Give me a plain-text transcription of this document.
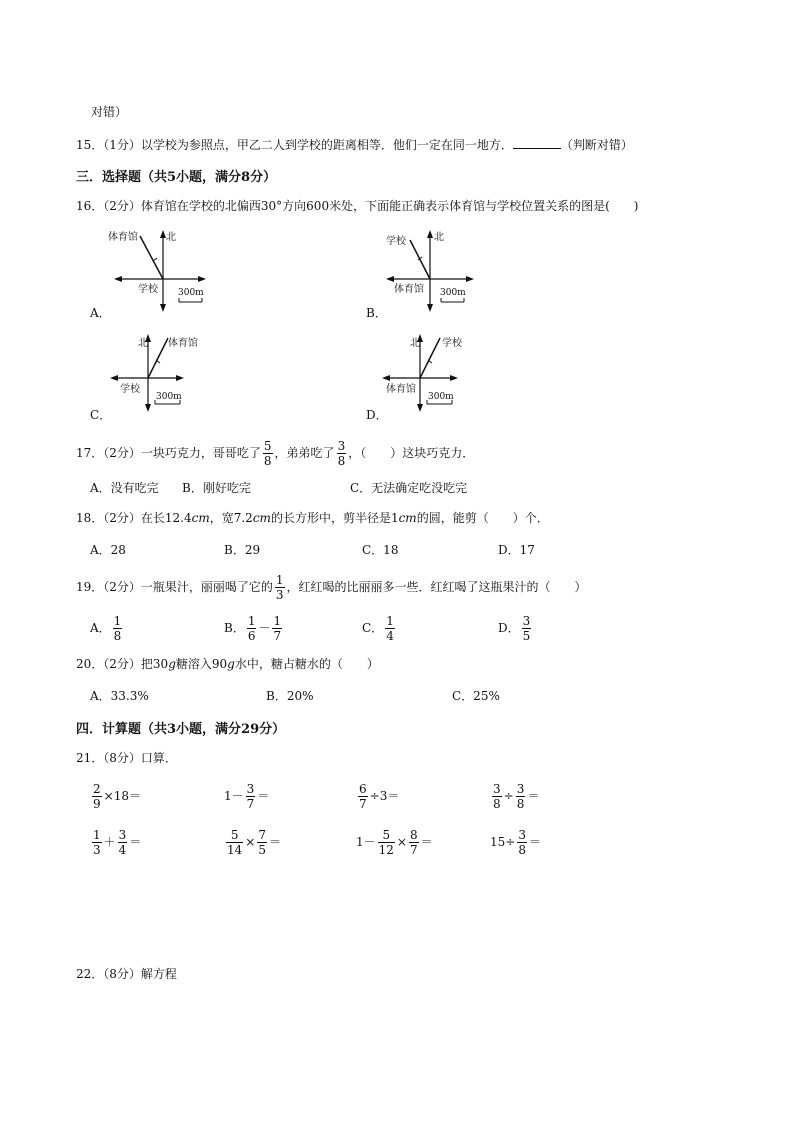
对错）
15．（1分）以学校为参照点，甲乙二人到学校的距离相等．他们一定在同一地方．	（判断对错）
三．选择题（共5小题，满分8分）
16．（2分）体育馆在学校的北偏西30°方向600米处，下面能正确表示体育馆与学校位置关系的图是(　　)
北
体育馆
学校 300m
A．
北
学校
体育馆 300m
B．
北 体育馆
学校
300m
C．
北 学校
体育馆
300m
D．
17．（2分）一块巧克力，哥哥吃了 $\frac{5}{8}$ ，弟弟吃了 $\frac{3}{8}$ ，（　　）这块巧克力．
A．没有吃完 B．刚好吃完	C．无法确定吃没吃完
18．（2分）在长12.4cm，宽7.2cm的长方形中，剪半径是1cm的圆，能剪（　　）个．
A．28	B．29	C．18	D．17
19．（2分）一瓶果汁，丽丽喝了它的 $\frac{1}{3}$ ，红红喝的比丽丽多一些．红红喝了这瓶果汁的（　　）
A． $\frac{1}{8}$	B． $\frac{1}{6} - \frac{1}{7}$	C． $\frac{1}{4}$	D． $\frac{3}{5}$
20．（2分）把30g糖溶入90g水中，糖占糖水的（　　）
A．33.3%	B．20%	C．25%
四．计算题（共3小题，满分29分）
21．（8分）口算．
$\frac{2}{9} \times 18=$	$1- \frac{3}{7}$ ＝	$\frac{6}{7} \div 3=$	$\frac{3}{8} \div \frac{3}{8}$ ＝
$\frac{1}{3} + \frac{3}{4}$ ＝	$\frac{5}{14} \times \frac{7}{5}$ ＝	$1- \frac{5}{12} \times \frac{8}{7}$ ＝	$15\div \frac{3}{8}$ ＝
22．（8分）解方程
